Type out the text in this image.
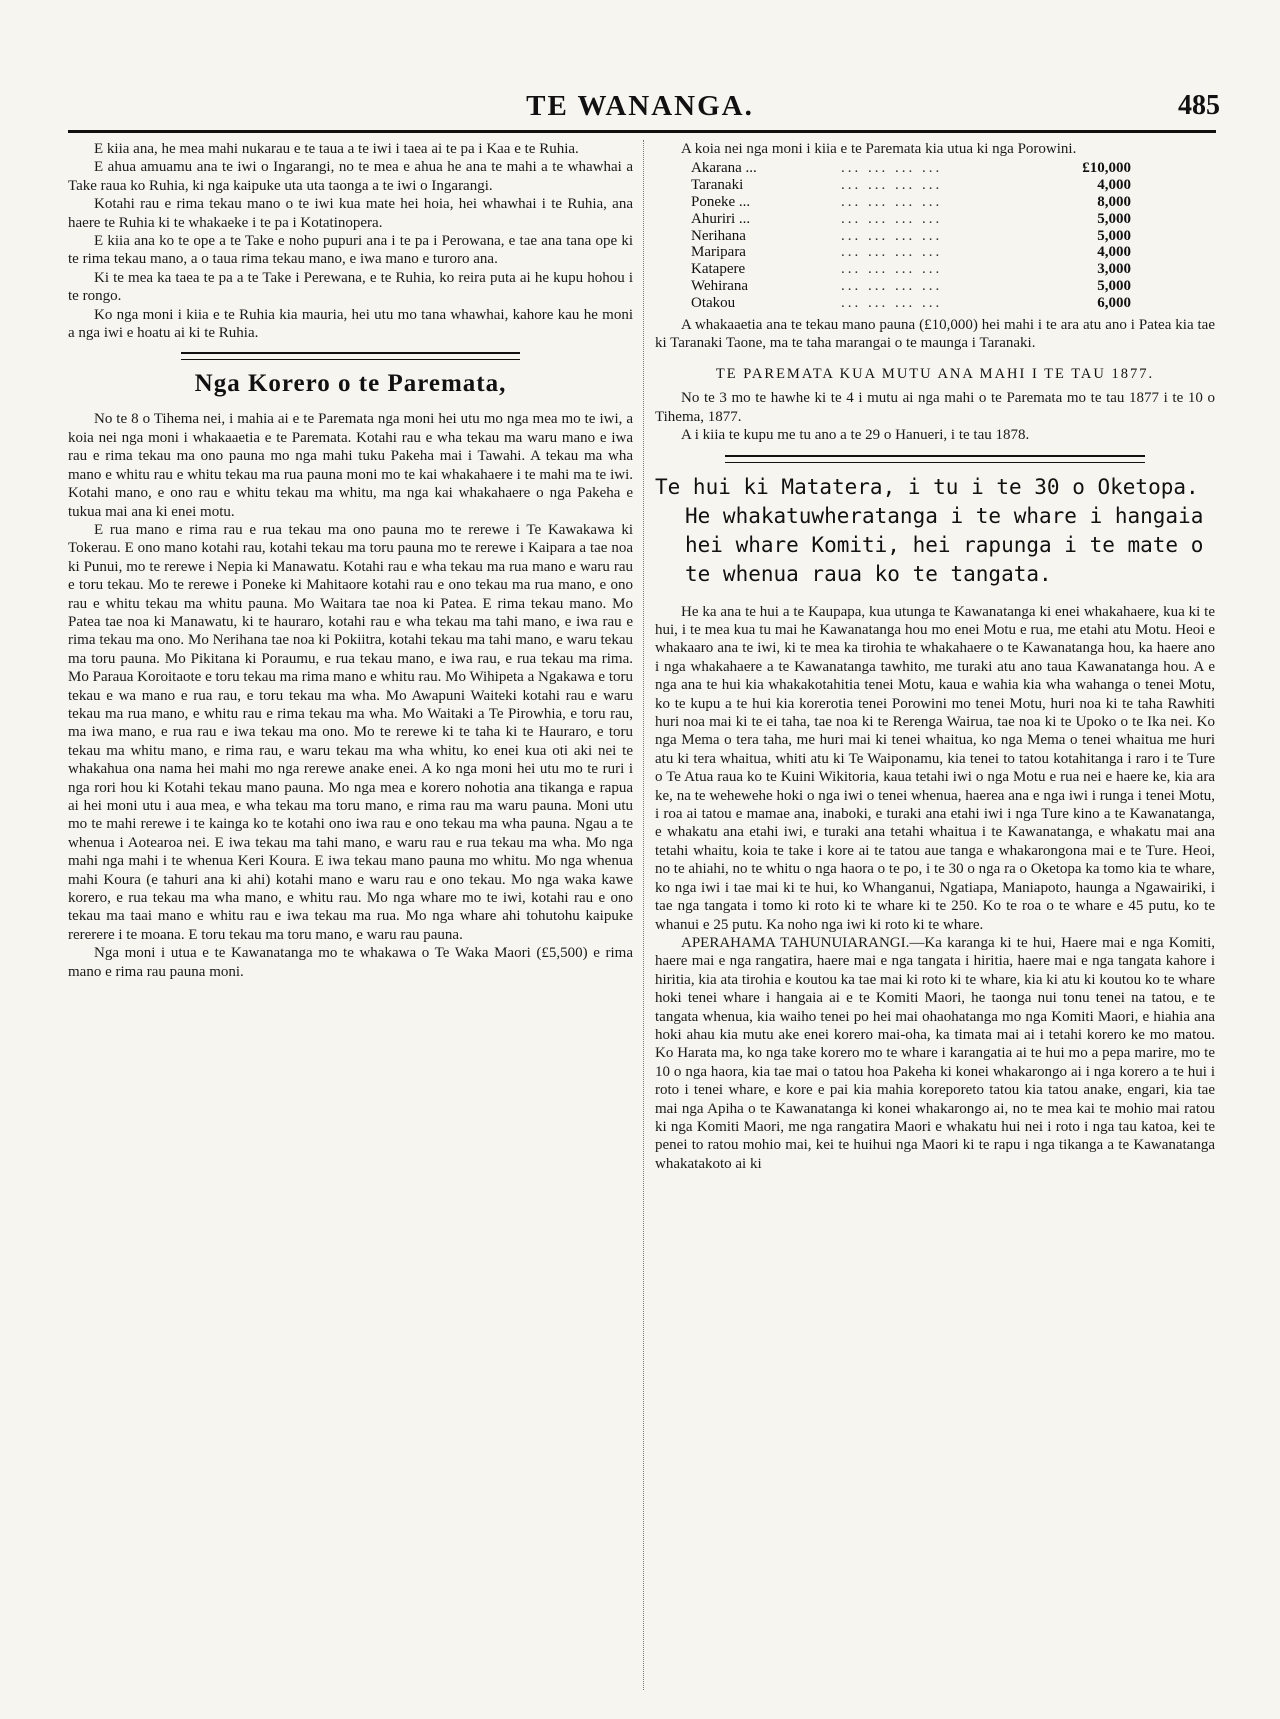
TE WANANGA.	485

E kiia ana, he mea mahi nukarau e te taua a te iwi i taea ai te pa i Kaa e te Ruhia.

E ahua amuamu ana te iwi o Ingarangi, no te mea e ahua he ana te mahi a te whawhai a Take raua ko Ruhia, ki nga kaipuke uta uta taonga a te iwi o Ingarangi.

Kotahi rau e rima tekau mano o te iwi kua mate hei hoia, hei whawhai i te Ruhia, ana haere te Ruhia ki te whakaeke i te pa i Kotatinopera.

E kiia ana ko te ope a te Take e noho pupuri ana i te pa i Perowana, e tae ana tana ope ki te rima tekau mano, a o taua rima tekau mano, e iwa mano e turoro ana.

Ki te mea ka taea te pa a te Take i Perewana, e te Ruhia, ko reira puta ai he kupu hohou i te rongo.

Ko nga moni i kiia e te Ruhia kia mauria, hei utu mo tana whawhai, kahore kau he moni a nga iwi e hoatu ai ki te Ruhia.

Nga Korero o te Paremata,

No te 8 o Tihema nei, i mahia ai e te Paremata nga moni hei utu mo nga mea mo te iwi, a koia nei nga moni i whakaaetia e te Paremata. Kotahi rau e wha tekau ma waru mano e iwa rau e rima tekau ma ono pauna mo nga mahi tuku Pakeha mai i Tawahi. A tekau ma wha mano e whitu rau e whitu tekau ma rua pauna moni mo te kai whakahaere i te mahi ma te iwi. Kotahi mano, e ono rau e whitu tekau ma whitu, ma nga kai whakahaere o nga Pakeha e tukua mai ana ki enei motu.

E rua mano e rima rau e rua tekau ma ono pauna mo te rerewe i Te Kawakawa ki Tokerau. E ono mano kotahi rau, kotahi tekau ma toru pauna mo te rerewe i Kaipara a tae noa ki Punui, mo te rerewe i Nepia ki Manawatu. Kotahi rau e wha tekau ma rua mano e waru rau e toru tekau. Mo te rerewe i Poneke ki Mahitaore kotahi rau e ono tekau ma rua mano, e ono rau e whitu tekau ma whitu pauna. Mo Waitara tae noa ki Patea. E rima tekau mano. Mo Patea tae noa ki Manawatu, ki te hauraro, kotahi rau e wha tekau ma tahi mano, e iwa rau e rima tekau ma ono. Mo Nerihana tae noa ki Pokiitra, kotahi tekau ma tahi mano, e waru tekau ma toru pauna. Mo Pikitana ki Poraumu, e rua tekau mano, e iwa rau, e rua tekau ma rima. Mo Paraua Koroitaote e toru tekau ma rima mano e whitu rau. Mo Wihipeta a Ngakawa e toru tekau e wa mano e rua rau, e toru tekau ma wha. Mo Awapuni Waiteki kotahi rau e waru tekau ma rua mano, e whitu rau e rima tekau ma wha. Mo Waitaki a Te Pirowhia, e toru rau, ma iwa mano, e rua rau e iwa tekau ma ono. Mo te rerewe ki te taha ki te Hauraro, e toru tekau ma whitu mano, e rima rau, e waru tekau ma wha whitu, ko enei kua oti aki nei te whakahua ona nama hei mahi mo nga rerewe anake enei. A ko nga moni hei utu mo te ruri i nga rori hou ki Kotahi tekau mano pauna. Mo nga mea e korero nohotia ana tikanga e rapua ai hei moni utu i aua mea, e wha tekau ma toru mano, e rima rau ma waru pauna. Moni utu mo te mahi rerewe i te kainga ko te kotahi ono iwa rau e ono tekau ma wha pauna. Ngau a te whenua i Aotearoa nei. E iwa tekau ma tahi mano, e waru rau e rua tekau ma wha. Mo nga mahi nga mahi i te whenua Keri Koura. E iwa tekau mano pauna mo whitu. Mo nga whenua mahi Koura (e tahuri ana ki ahi) kotahi mano e waru rau e ono tekau. Mo nga waka kawe korero, e rua tekau ma wha mano, e whitu rau. Mo nga whare mo te iwi, kotahi rau e ono tekau ma taai mano e whitu rau e iwa tekau ma rua. Mo nga whare ahi tohutohu kaipuke rererere i te moana. E toru tekau ma toru mano, e waru rau pauna.

Nga moni i utua e te Kawanatanga mo te whakawa o Te Waka Maori (£5,500) e rima mano e rima rau pauna moni.

A koia nei nga moni i kiia e te Paremata kia utua ki nga Porowini.

Akarana ...	... ... ... ...	£10,000
Taranaki	... ... ... ...	4,000
Poneke ...	... ... ... ...	8,000
Ahuriri ...	... ... ... ...	5,000
Nerihana	... ... ... ...	5,000
Maripara	... ... ... ...	4,000
Katapere	... ... ... ...	3,000
Wehirana	... ... ... ...	5,000
Otakou	... ... ... ...	6,000

A whakaaetia ana te tekau mano pauna (£10,000) hei mahi i te ara atu ano i Patea kia tae ki Taranaki Taone, ma te taha marangai o te maunga i Taranaki.

TE PAREMATA KUA MUTU ANA MAHI I TE TAU 1877.

No te 3 mo te hawhe ki te 4 i mutu ai nga mahi o te Paremata mo te tau 1877 i te 10 o Tihema, 1877.

A i kiia te kupu me tu ano a te 29 o Hanueri, i te tau 1878.

Te hui ki Matatera, i tu i te 30 o Oketopa.
He whakatuwheratanga i te whare i hangaia hei whare Komiti, hei rapunga i te mate o te whenua raua ko te tangata.

He ka ana te hui a te Kaupapa, kua utunga te Kawanatanga ki enei whakahaere, kua ki te hui, i te mea kua tu mai he Kawanatanga hou mo enei Motu e rua, me etahi atu Motu. Heoi e whakaaro ana te iwi, ki te mea ka tirohia te whakahaere o te Kawanatanga hou, ka haere ano i nga whakahaere a te Kawanatanga tawhito, me turaki atu ano taua Kawanatanga hou. A e nga ana te hui kia whakakotahitia tenei Motu, kaua e wahia kia wha wahanga o tenei Motu, ko te kupu a te hui kia korerotia tenei Porowini mo tenei Motu, huri noa ki te taha Rawhiti huri noa mai ki te ei taha, tae noa ki te Rerenga Wairua, tae noa ki te Upoko o te Ika nei. Ko nga Mema o tera taha, me huri mai ki tenei whaitua, ko nga Mema o tenei whaitua me huri atu ki tera whaitua, whiti atu ki Te Waiponamu, kia tenei to tatou kotahitanga i raro i te Ture o Te Atua raua ko te Kuini Wikitoria, kaua tetahi iwi o nga Motu e rua nei e haere ke, kia ara ke, na te wehewehe hoki o nga iwi o tenei whenua, haerea ana e nga iwi i runga i tenei Motu, i roa ai tatou e mamae ana, inaboki, e turaki ana etahi iwi i nga Ture kino a te Kawanatanga, e whakatu ana etahi iwi, e turaki ana tetahi whaitua i te Kawanatanga, e whakatu mai ana tetahi whaitu, koia te take i kore ai te tatou aue tanga e whakarongona mai e te Ture. Heoi, no te ahiahi, no te whitu o nga haora o te po, i te 30 o nga ra o Oketopa ka tomo kia te whare, ko nga iwi i tae mai ki te hui, ko Whanganui, Ngatiapa, Maniapoto, haunga a Ngawairiki, i tae nga tangata i tomo ki roto ki te whare ki te 250. Ko te roa o te whare e 45 putu, ko te whanui e 25 putu. Ka noho nga iwi ki roto ki te whare.

APERAHAMA TAHUNUIARANGI.—Ka karanga ki te hui, Haere mai e nga Komiti, haere mai e nga rangatira, haere mai e nga tangata i hiritia, haere mai e nga tangata kahore i hiritia, kia ata tirohia e koutou ka tae mai ki roto ki te whare, kia ki atu ki koutou ko te whare hoki tenei whare i hangaia ai e te Komiti Maori, he taonga nui tonu tenei na tatou, e te tangata whenua, kia waiho tenei po hei mai ohaohatanga mo nga Komiti Maori, e hiahia ana hoki ahau kia mutu ake enei korero mai-oha, ka timata mai ai i tetahi korero ke mo matou. Ko Harata ma, ko nga take korero mo te whare i karangatia ai te hui mo a pepa marire, mo te 10 o nga haora, kia tae mai o tatou hoa Pakeha ki konei whakarongo ai i nga korero a te hui i roto i tenei whare, e kore e pai kia mahia koreporeto tatou kia tatou anake, engari, kia tae mai nga Apiha o te Kawanatanga ki konei whakarongo ai, no te mea kai te mohio mai ratou ki nga Komiti Maori, me nga rangatira Maori e whakatu hui nei i roto i nga tau katoa, kei te penei to ratou mohio mai, kei te huihui nga Maori ki te rapu i nga tikanga a te Kawanatanga whakatakoto ai ki
